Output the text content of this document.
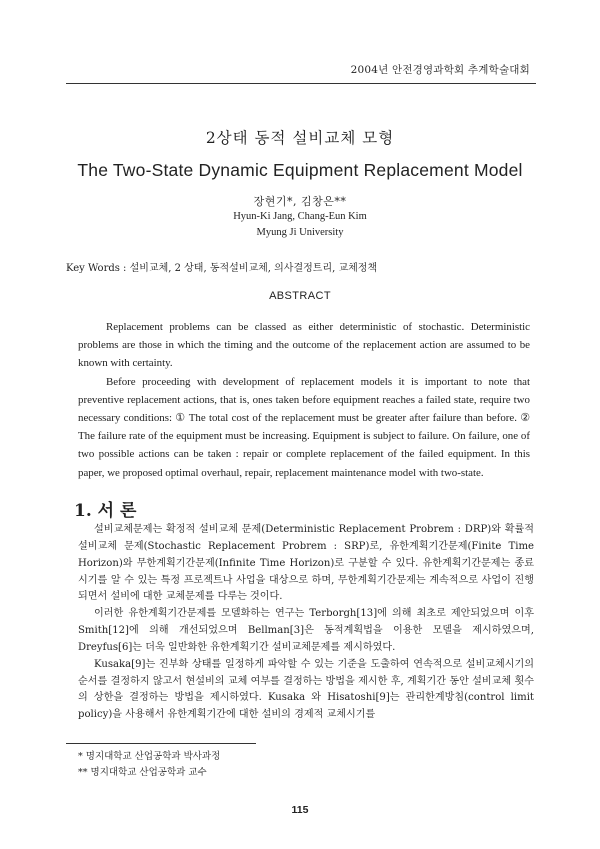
2004년 안전경영과학회 추계학술대회
2상태 동적 설비교체 모형
The Two-State Dynamic Equipment Replacement Model
장현기*, 김창은**
Hyun-Ki Jang, Chang-Eun Kim
Myung Ji University
Key Words : 설비교체, 2 상태, 동적설비교체, 의사결정트리, 교체정책
ABSTRACT

Replacement problems can be classed as either deterministic of stochastic. Deterministic problems are those in which the timing and the outcome of the replacement action are assumed to be known with certainty.

Before proceeding with development of replacement models it is important to note that preventive replacement actions, that is, ones taken before equipment reaches a failed state, require two necessary conditions: ① The total cost of the replacement must be greater after failure than before. ② The failure rate of the equipment must be increasing. Equipment is subject to failure. On failure, one of two possible actions can be taken : repair or complete replacement of the failed equipment. In this paper, we proposed optimal overhaul, repair, replacement maintenance model with two-state.

1. 서 론

설비교체문제는 확정적 설비교체 문제(Deterministic Replacement Probrem : DRP)와 확률적 설비교체 문제(Stochastic Replacement Probrem : SRP)로, 유한계획기간문제(Finite Time Horizon)와 무한계획기간문제(Infinite Time Horizon)로 구분할 수 있다. 유한계획기간문제는 종료시기를 알 수 있는 특정 프로젝트나 사업을 대상으로 하며, 무한계획기간문제는 계속적으로 사업이 진행되면서 설비에 대한 교체문제를 다루는 것이다.

이러한 유한계획기간문제를 모델화하는 연구는 Terborgh[13]에 의해 최초로 제안되었으며 이후 Smith[12]에 의해 개선되었으며 Bellman[3]은 동적계획법을 이용한 모델을 제시하였으며, Dreyfus[6]는 더욱 일반화한 유한계획기간 설비교체문제를 제시하였다.

Kusaka[9]는 진부화 상태를 일정하게 파악할 수 있는 기준을 도출하여 연속적으로 설비교체시기의 순서를 결정하지 않고서 현설비의 교체 여부를 결정하는 방법을 제시한 후, 계획기간 동안 설비교체 횟수의 상한을 결정하는 방법을 제시하였다. Kusaka 와 Hisatoshi[9]는 관리한계방침(control limit policy)을 사용해서 유한계획기간에 대한 설비의 경제적 교체시기를

* 명지대학교 산업공학과 박사과정
** 명지대학교 산업공학과 교수
115
